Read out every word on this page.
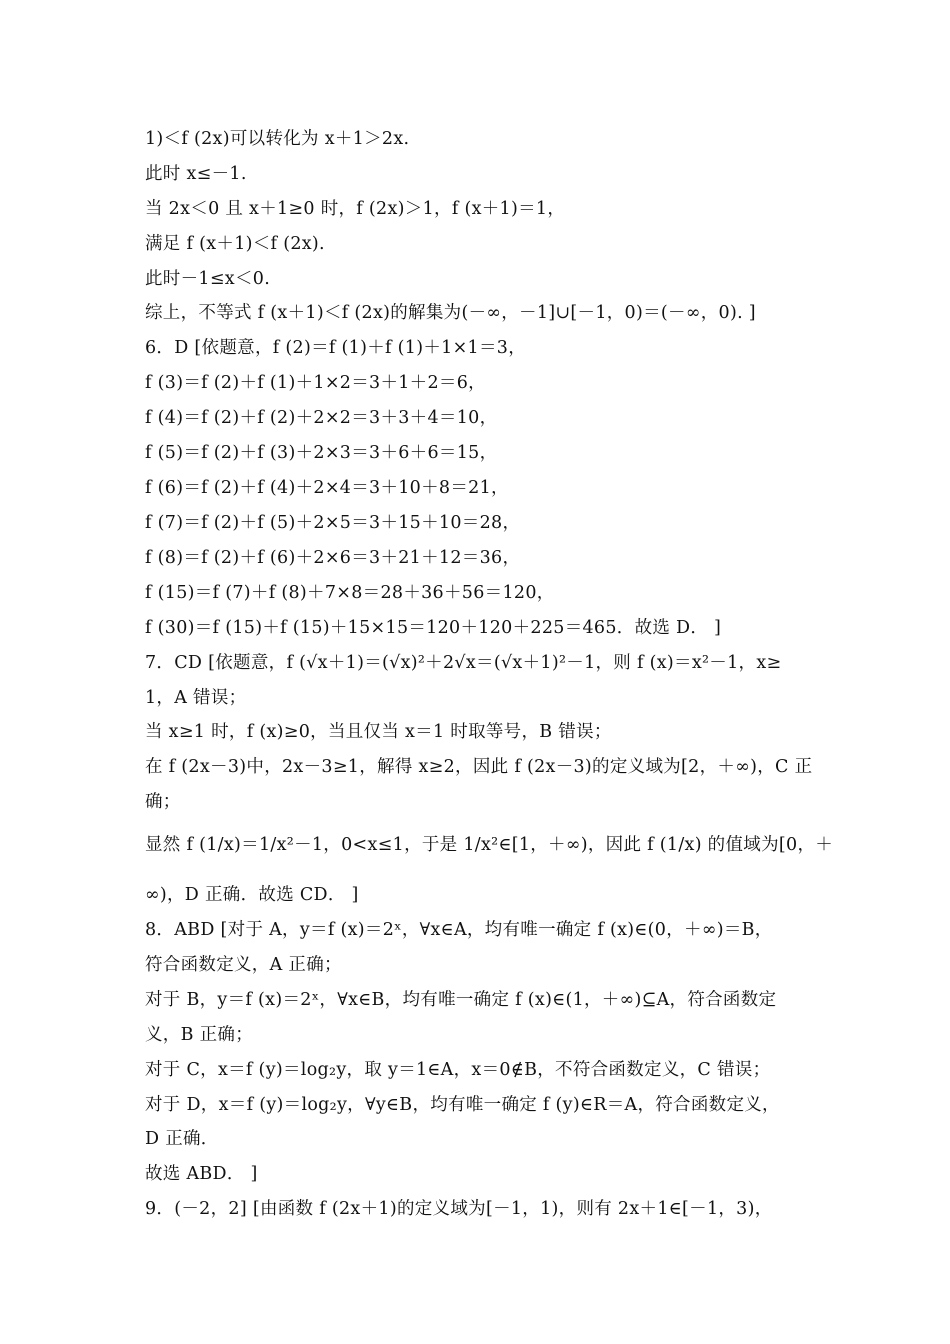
1)＜f (2x)可以转化为 x＋1＞2x.
此时 x≤－1.
当 2x＜0 且 x＋1≥0 时，f (2x)＞1，f (x＋1)＝1，
满足 f (x＋1)＜f (2x).
此时－1≤x＜0.
综上，不等式 f (x＋1)＜f (2x)的解集为(－∞，－1]∪[－1，0)＝(－∞，0). ]
6．D [依题意，f (2)＝f (1)＋f (1)＋1×1＝3，
f (3)＝f (2)＋f (1)＋1×2＝3＋1＋2＝6，
f (4)＝f (2)＋f (2)＋2×2＝3＋3＋4＝10，
f (5)＝f (2)＋f (3)＋2×3＝3＋6＋6＝15，
f (6)＝f (2)＋f (4)＋2×4＝3＋10＋8＝21，
f (7)＝f (2)＋f (5)＋2×5＝3＋15＋10＝28，
f (8)＝f (2)＋f (6)＋2×6＝3＋21＋12＝36，
f (15)＝f (7)＋f (8)＋7×8＝28＋36＋56＝120，
f (30)＝f (15)＋f (15)＋15×15＝120＋120＋225＝465．故选 D． ]
7．CD [依题意，f (√x＋1)＝(√x)²＋2√x＝(√x＋1)²－1，则 f (x)＝x²－1，x≥
1，A 错误；
当 x≥1 时，f (x)≥0，当且仅当 x＝1 时取等号，B 错误；
在 f (2x－3)中，2x－3≥1，解得 x≥2，因此 f (2x－3)的定义域为[2，＋∞)，C 正
确；
显然 f (1/x)＝1/x²－1，0<x≤1，于是 1/x²∈[1，＋∞)，因此 f (1/x) 的值域为[0，＋
∞)，D 正确．故选 CD． ]
8．ABD [对于 A，y＝f (x)＝2ˣ，∀x∈A，均有唯一确定 f (x)∈(0，＋∞)＝B，
符合函数定义，A 正确；
对于 B，y＝f (x)＝2ˣ，∀x∈B，均有唯一确定 f (x)∈(1，＋∞)⊆A，符合函数定
义，B 正确；
对于 C，x＝f (y)＝log₂y，取 y＝1∈A，x＝0∉B，不符合函数定义，C 错误；
对于 D，x＝f (y)＝log₂y，∀y∈B，均有唯一确定 f (y)∈R＝A，符合函数定义，
D 正确．
故选 ABD． ]
9．(－2，2] [由函数 f (2x＋1)的定义域为[－1，1)，则有 2x＋1∈[－1，3)，
